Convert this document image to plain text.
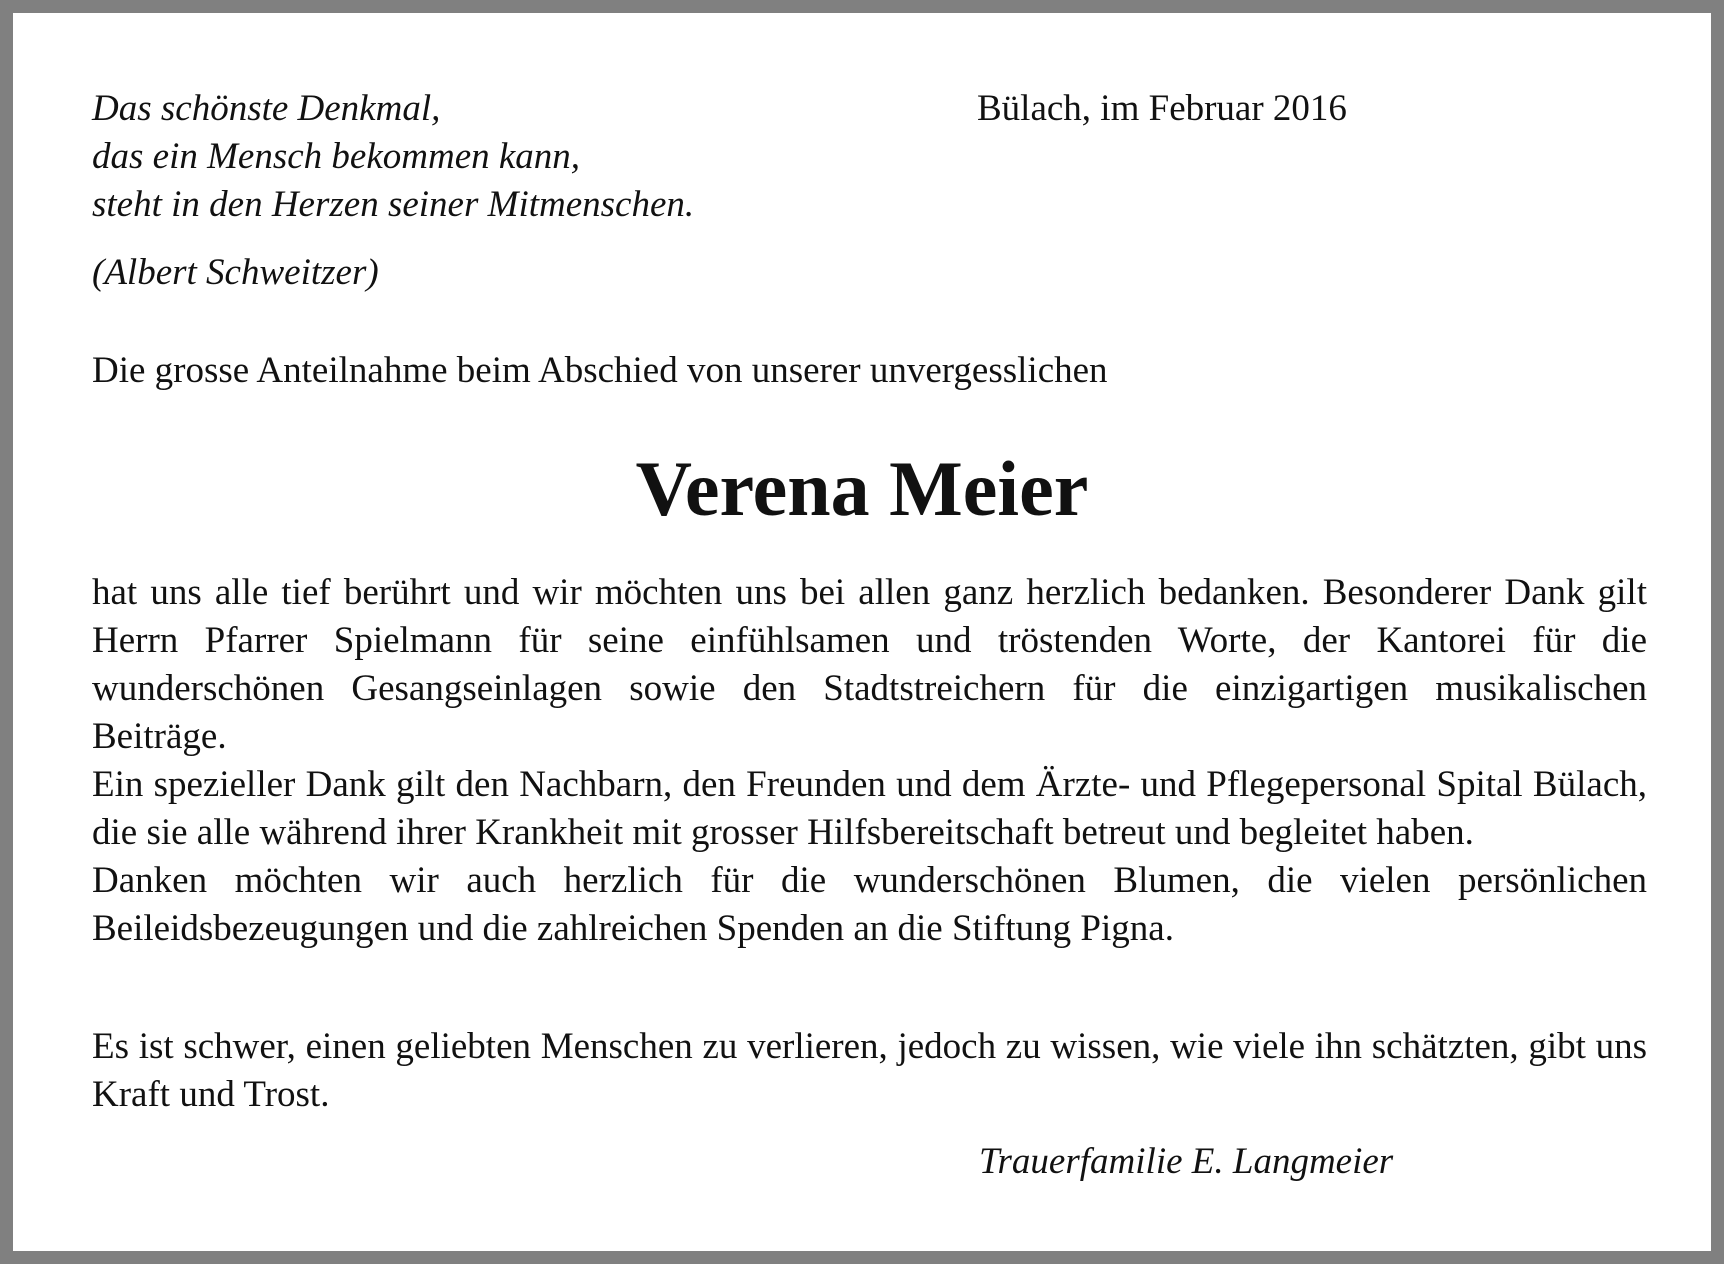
Das schönste Denkmal,
das ein Mensch bekommen kann,
steht in den Herzen seiner Mitmenschen.
(Albert Schweitzer)
Bülach, im Februar 2016
Die grosse Anteilnahme beim Abschied von unserer unvergesslichen
Verena Meier

hat uns alle tief berührt und wir möchten uns bei allen ganz herzlich bedanken. Besonderer Dank gilt Herrn Pfarrer Spielmann für seine einfühlsamen und tröstenden Worte, der Kantorei für die wunderschönen Gesangseinlagen sowie den Stadtstreichern für die einzigartigen musikalischen Beiträge.

Ein spezieller Dank gilt den Nachbarn, den Freunden und dem Ärzte- und Pflegepersonal Spital Bülach, die sie alle während ihrer Krankheit mit grosser Hilfsbereitschaft betreut und begleitet haben.

Danken möchten wir auch herzlich für die wunderschönen Blumen, die vielen persönlichen Beileidsbezeugungen und die zahlreichen Spenden an die Stiftung Pigna.

Es ist schwer, einen geliebten Menschen zu verlieren, jedoch zu wissen, wie viele ihn schätzten, gibt uns Kraft und Trost.

Trauerfamilie E. Langmeier
